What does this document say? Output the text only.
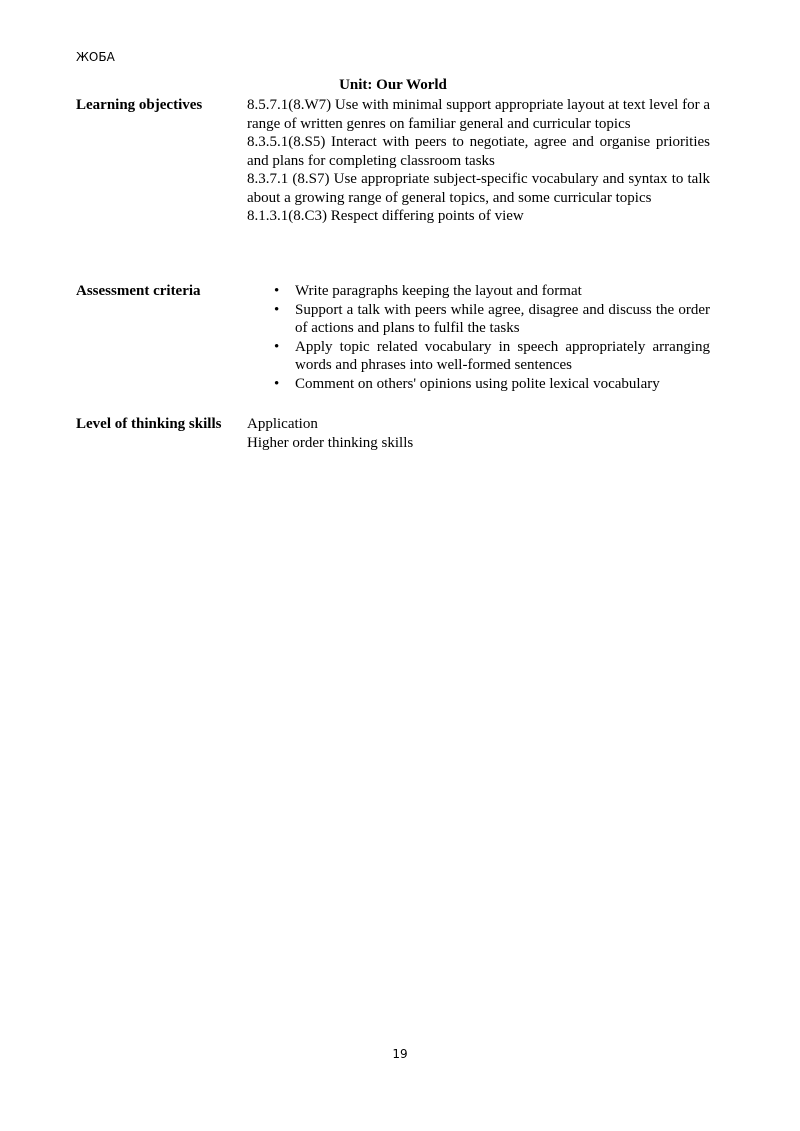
ЖОБА
Unit: Our World
Learning objectives	8.5.7.1(8.W7) Use with minimal support appropriate layout at text level for a range of written genres on familiar general and curricular topics

8.3.5.1(8.S5) Interact with peers to negotiate, agree and organise priorities and plans for completing classroom tasks

8.3.7.1 (8.S7) Use appropriate subject-specific vocabulary and syntax to talk about a growing range of general topics, and some curricular topics

8.1.3.1(8.C3) Respect differing points of view

Assessment criteria	• Write paragraphs keeping the layout and format
• Support a talk with peers while agree, disagree and discuss the order of actions and plans to fulfil the tasks
• Apply topic related vocabulary in speech appropriately arranging words and phrases into well-formed sentences
• Comment on others' opinions using polite lexical vocabulary
Level of thinking skills Application

Higher order thinking skills

19
